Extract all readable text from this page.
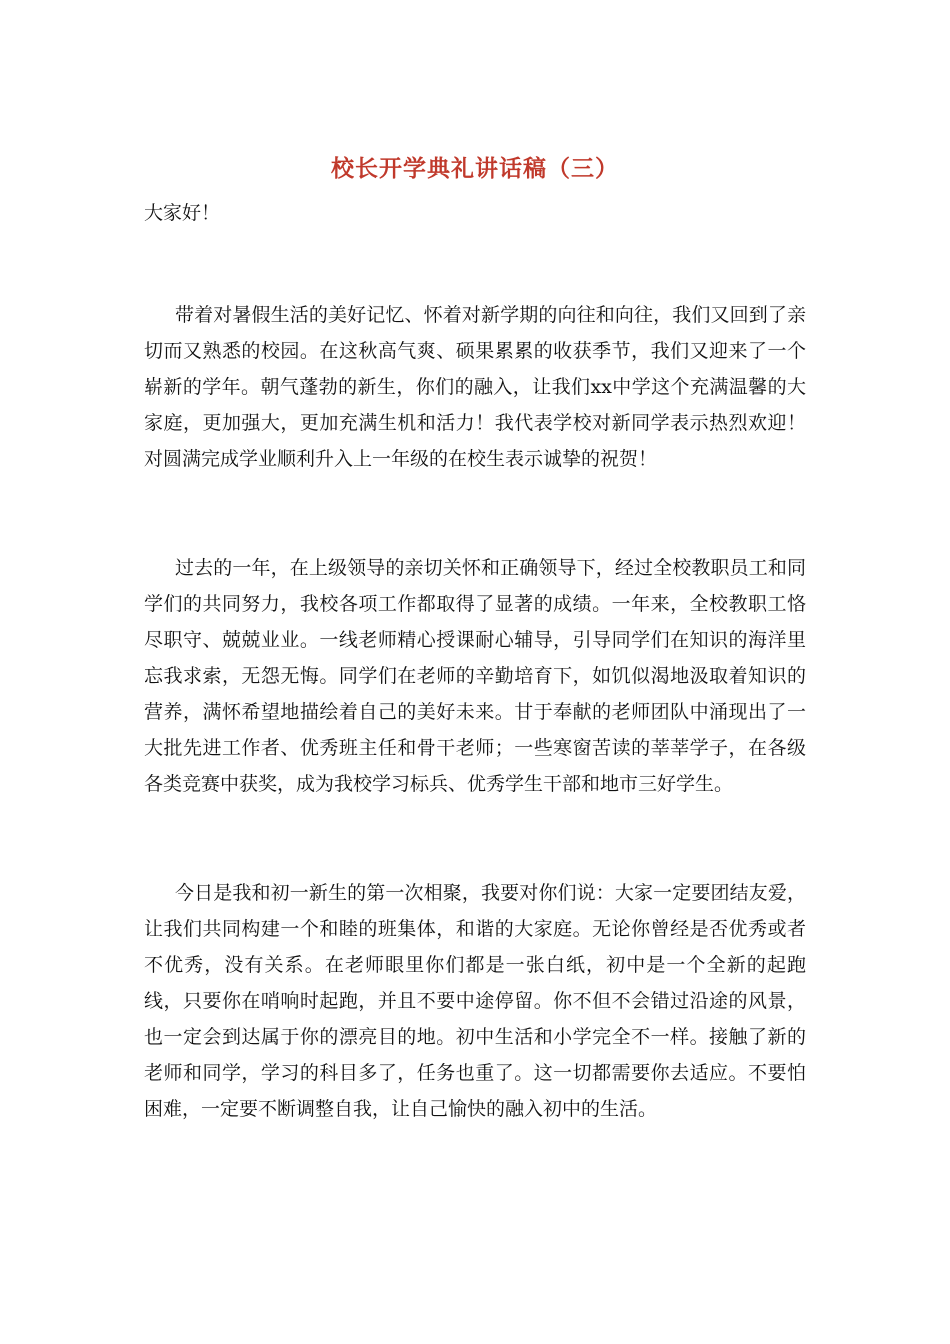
校长开学典礼讲话稿（三）

大家好！

带着对暑假生活的美好记忆、怀着对新学期的向往和向往，我们又回到了亲切而又熟悉的校园。在这秋高气爽、硕果累累的收获季节，我们又迎来了一个崭新的学年。朝气蓬勃的新生，你们的融入，让我们xx中学这个充满温馨的大家庭，更加强大，更加充满生机和活力！我代表学校对新同学表示热烈欢迎！对圆满完成学业顺利升入上一年级的在校生表示诚挚的祝贺！

过去的一年，在上级领导的亲切关怀和正确领导下，经过全校教职员工和同学们的共同努力，我校各项工作都取得了显著的成绩。一年来，全校教职工恪尽职守、兢兢业业。一线老师精心授课耐心辅导，引导同学们在知识的海洋里忘我求索，无怨无悔。同学们在老师的辛勤培育下，如饥似渴地汲取着知识的营养，满怀希望地描绘着自己的美好未来。甘于奉献的老师团队中涌现出了一大批先进工作者、优秀班主任和骨干老师；一些寒窗苦读的莘莘学子，在各级各类竞赛中获奖，成为我校学习标兵、优秀学生干部和地市三好学生。

今日是我和初一新生的第一次相聚，我要对你们说：大家一定要团结友爱，让我们共同构建一个和睦的班集体，和谐的大家庭。无论你曾经是否优秀或者不优秀，没有关系。在老师眼里你们都是一张白纸，初中是一个全新的起跑线，只要你在哨响时起跑，并且不要中途停留。你不但不会错过沿途的风景，也一定会到达属于你的漂亮目的地。初中生活和小学完全不一样。接触了新的老师和同学，学习的科目多了，任务也重了。这一切都需要你去适应。不要怕困难，一定要不断调整自我，让自己愉快的融入初中的生活。
